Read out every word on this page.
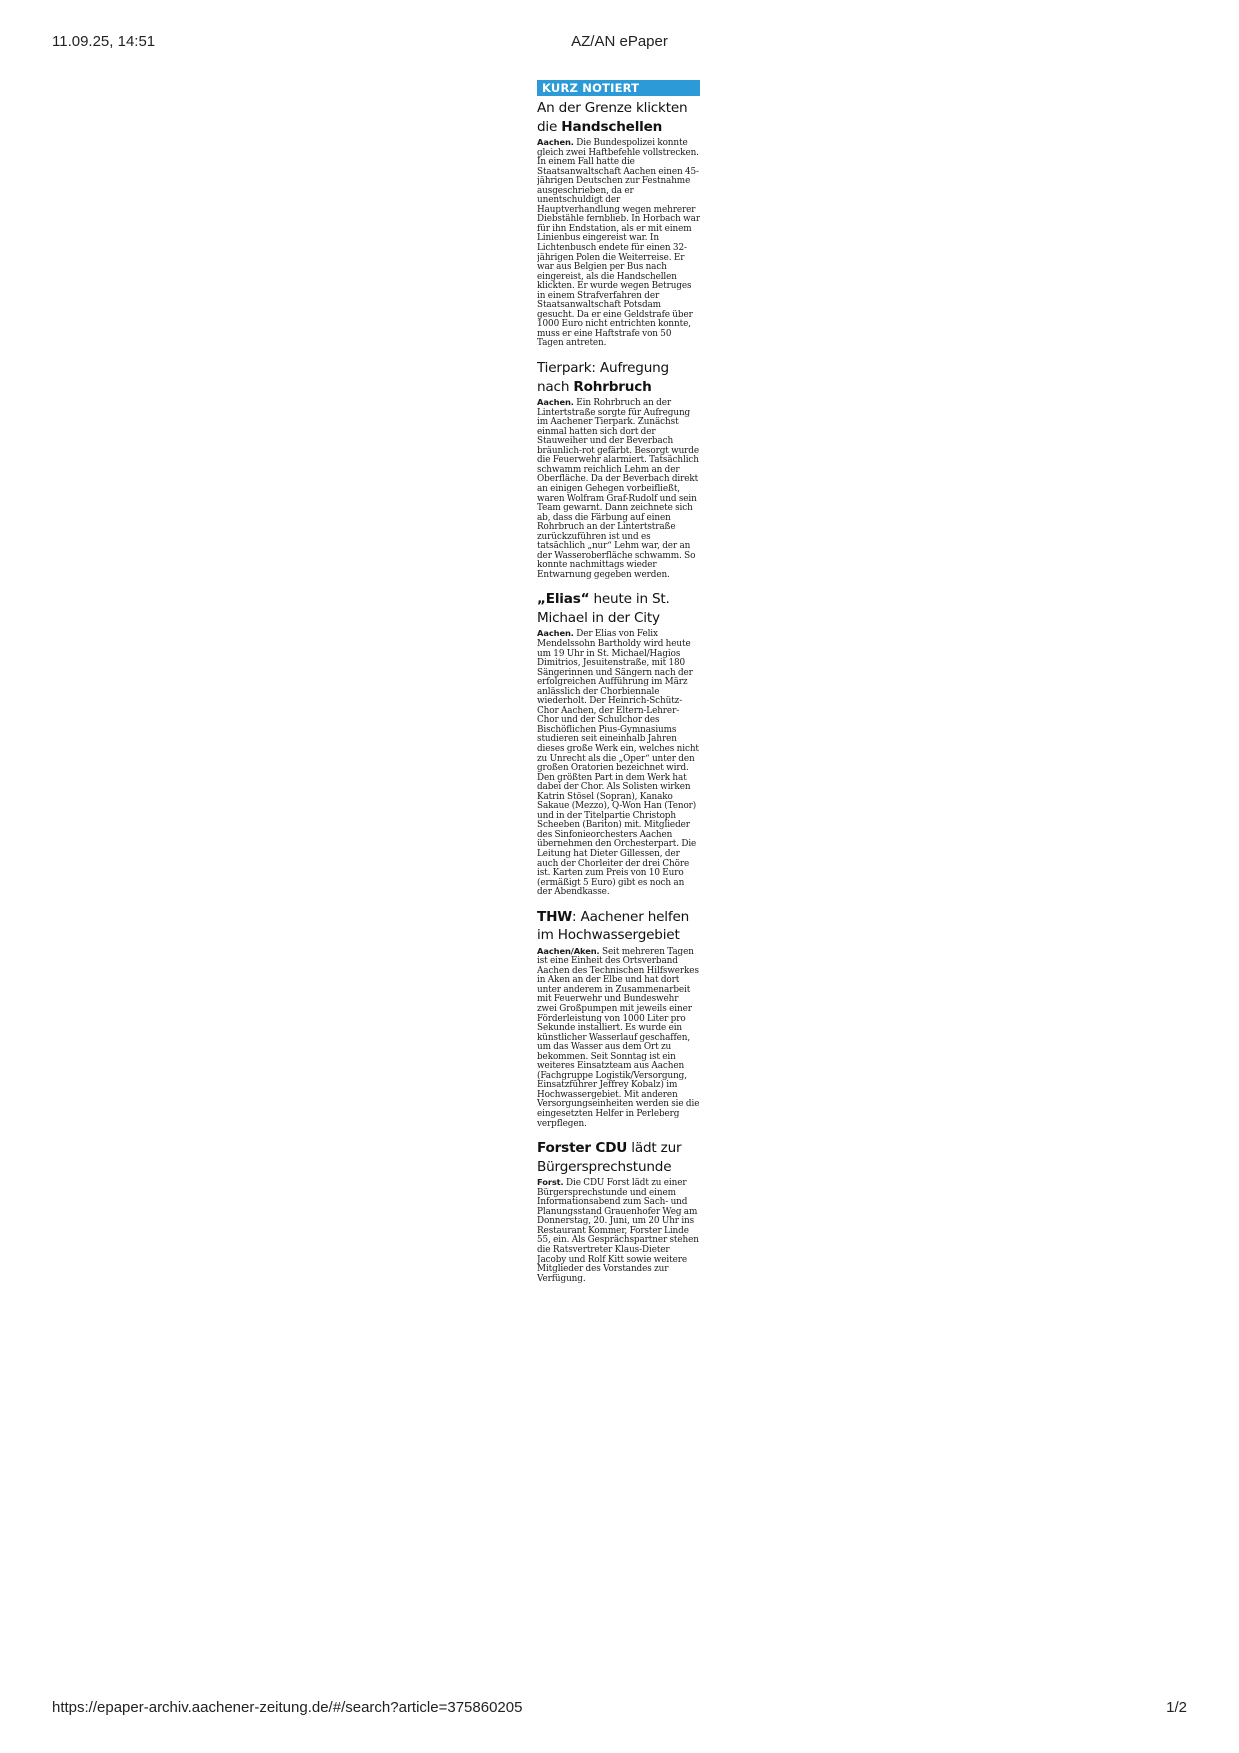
11.09.25, 14:51	AZ/AN ePaper
KURZ NOTIERT
An der Grenze klickten die Handschellen

Aachen. Die Bundespolizei konnte gleich zwei Haftbefehle vollstrecken. In einem Fall hatte die Staatsanwaltschaft Aachen einen 45-jährigen Deutschen zur Festnahme ausgeschrieben, da er unentschuldigt der Hauptverhandlung wegen mehrerer Diebstähle fernblieb. In Horbach war für ihn Endstation, als er mit einem Linienbus eingereist war. In Lichtenbusch endete für einen 32-jährigen Polen die Weiterreise. Er war aus Belgien per Bus nach eingereist, als die Handschellen klickten. Er wurde wegen Betruges in einem Strafverfahren der Staatsanwaltschaft Potsdam gesucht. Da er eine Geldstrafe über 1000 Euro nicht entrichten konnte, muss er eine Haftstrafe von 50 Tagen antreten.

Tierpark: Aufregung nach Rohrbruch

Aachen. Ein Rohrbruch an der Lintertstraße sorgte für Aufregung im Aachener Tierpark. Zunächst einmal hatten sich dort der Stauweiher und der Beverbach bräunlich-rot gefärbt. Besorgt wurde die Feuerwehr alarmiert. Tatsächlich schwamm reichlich Lehm an der Oberfläche. Da der Beverbach direkt an einigen Gehegen vorbeifließt, waren Wolfram Graf-Rudolf und sein Team gewarnt. Dann zeichnete sich ab, dass die Färbung auf einen Rohrbruch an der Lintertstraße zurückzuführen ist und es tatsächlich „nur“ Lehm war, der an der Wasseroberfläche schwamm. So konnte nachmittags wieder Entwarnung gegeben werden.

„Elias“ heute in St. Michael in der City

Aachen. Der Elias von Felix Mendelssohn Bartholdy wird heute um 19 Uhr in St. Michael/Hagios Dimitrios, Jesuitenstraße, mit 180 Sängerinnen und Sängern nach der erfolgreichen Aufführung im März anlässlich der Chorbiennale wiederholt. Der Heinrich-Schütz-Chor Aachen, der Eltern-Lehrer-Chor und der Schulchor des Bischöflichen Pius-Gymnasiums studieren seit eineinhalb Jahren dieses große Werk ein, welches nicht zu Unrecht als die „Oper“ unter den großen Oratorien bezeichnet wird. Den größten Part in dem Werk hat dabei der Chor. Als Solisten wirken Katrin Stösel (Sopran), Kanako Sakaue (Mezzo), Q-Won Han (Tenor) und in der Titelpartie Christoph Scheeben (Bariton) mit. Mitglieder des Sinfonieorchesters Aachen übernehmen den Orchesterpart. Die Leitung hat Dieter Gillessen, der auch der Chorleiter der drei Chöre ist. Karten zum Preis von 10 Euro (ermäßigt 5 Euro) gibt es noch an der Abendkasse.

THW: Aachener helfen im Hochwassergebiet

Aachen/Aken. Seit mehreren Tagen ist eine Einheit des Ortsverband Aachen des Technischen Hilfswerkes in Aken an der Elbe und hat dort unter anderem in Zusammenarbeit mit Feuerwehr und Bundeswehr zwei Großpumpen mit jeweils einer Förderleistung von 1000 Liter pro Sekunde installiert. Es wurde ein künstlicher Wasserlauf geschaffen, um das Wasser aus dem Ort zu bekommen. Seit Sonntag ist ein weiteres Einsatzteam aus Aachen (Fachgruppe Logistik/Versorgung, Einsatzführer Jeffrey Kobalz) im Hochwassergebiet. Mit anderen Versorgungseinheiten werden sie die eingesetzten Helfer in Perleberg verpflegen.

Forster CDU lädt zur Bürgersprechstunde

Forst. Die CDU Forst lädt zu einer Bürgersprechstunde und einem Informationsabend zum Sach- und Planungsstand Grauenhofer Weg am Donnerstag, 20. Juni, um 20 Uhr ins Restaurant Kommer, Forster Linde 55, ein. Als Gesprächspartner stehen die Ratsvertreter Klaus-Dieter Jacoby und Rolf Kitt sowie weitere Mitglieder des Vorstandes zur Verfügung.

https://epaper-archiv.aachener-zeitung.de/#/search?article=375860205	1/2
